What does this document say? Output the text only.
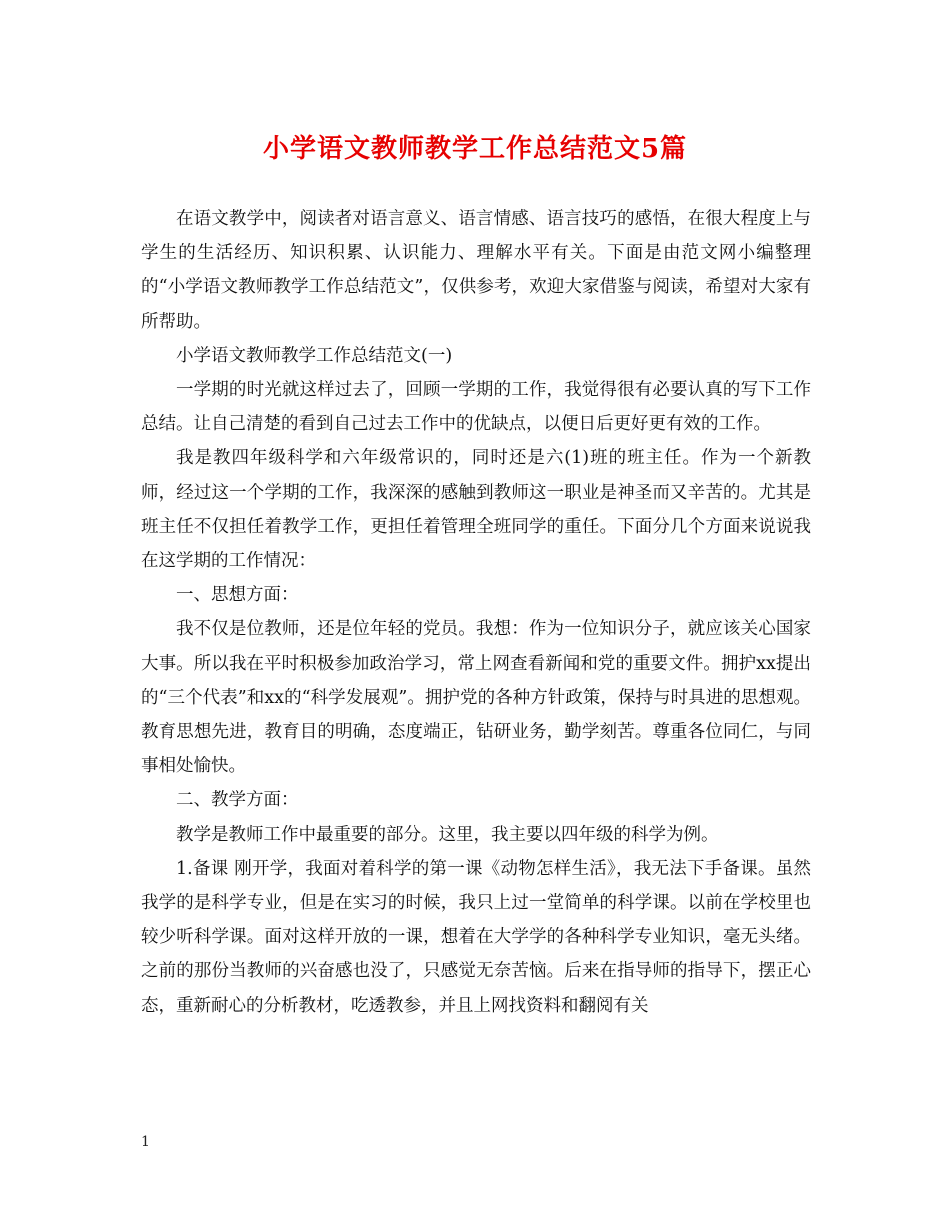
小学语文教师教学工作总结范文5篇

在语文教学中，阅读者对语言意义、语言情感、语言技巧的感悟，在很大程度上与学生的生活经历、知识积累、认识能力、理解水平有关。下面是由范文网小编整理的“小学语文教师教学工作总结范文”，仅供参考，欢迎大家借鉴与阅读，希望对大家有所帮助。

小学语文教师教学工作总结范文(一)

一学期的时光就这样过去了，回顾一学期的工作，我觉得很有必要认真的写下工作总结。让自己清楚的看到自己过去工作中的优缺点，以便日后更好更有效的工作。

我是教四年级科学和六年级常识的，同时还是六(1)班的班主任。作为一个新教师，经过这一个学期的工作，我深深的感触到教师这一职业是神圣而又辛苦的。尤其是班主任不仅担任着教学工作，更担任着管理全班同学的重任。下面分几个方面来说说我在这学期的工作情况：

一、思想方面：

我不仅是位教师，还是位年轻的党员。我想：作为一位知识分子，就应该关心国家大事。所以我在平时积极参加政治学习，常上网查看新闻和党的重要文件。拥护xx提出的“三个代表”和xx的“科学发展观”。拥护党的各种方针政策，保持与时具进的思想观。教育思想先进，教育目的明确，态度端正，钻研业务，勤学刻苦。尊重各位同仁，与同事相处愉快。

二、教学方面：

教学是教师工作中最重要的部分。这里，我主要以四年级的科学为例。

1.备课 刚开学，我面对着科学的第一课《动物怎样生活》，我无法下手备课。虽然我学的是科学专业，但是在实习的时候，我只上过一堂简单的科学课。以前在学校里也较少听科学课。面对这样开放的一课，想着在大学学的各种科学专业知识，毫无头绪。之前的那份当教师的兴奋感也没了，只感觉无奈苦恼。后来在指导师的指导下，摆正心态，重新耐心的分析教材，吃透教参，并且上网找资料和翻阅有关

1
